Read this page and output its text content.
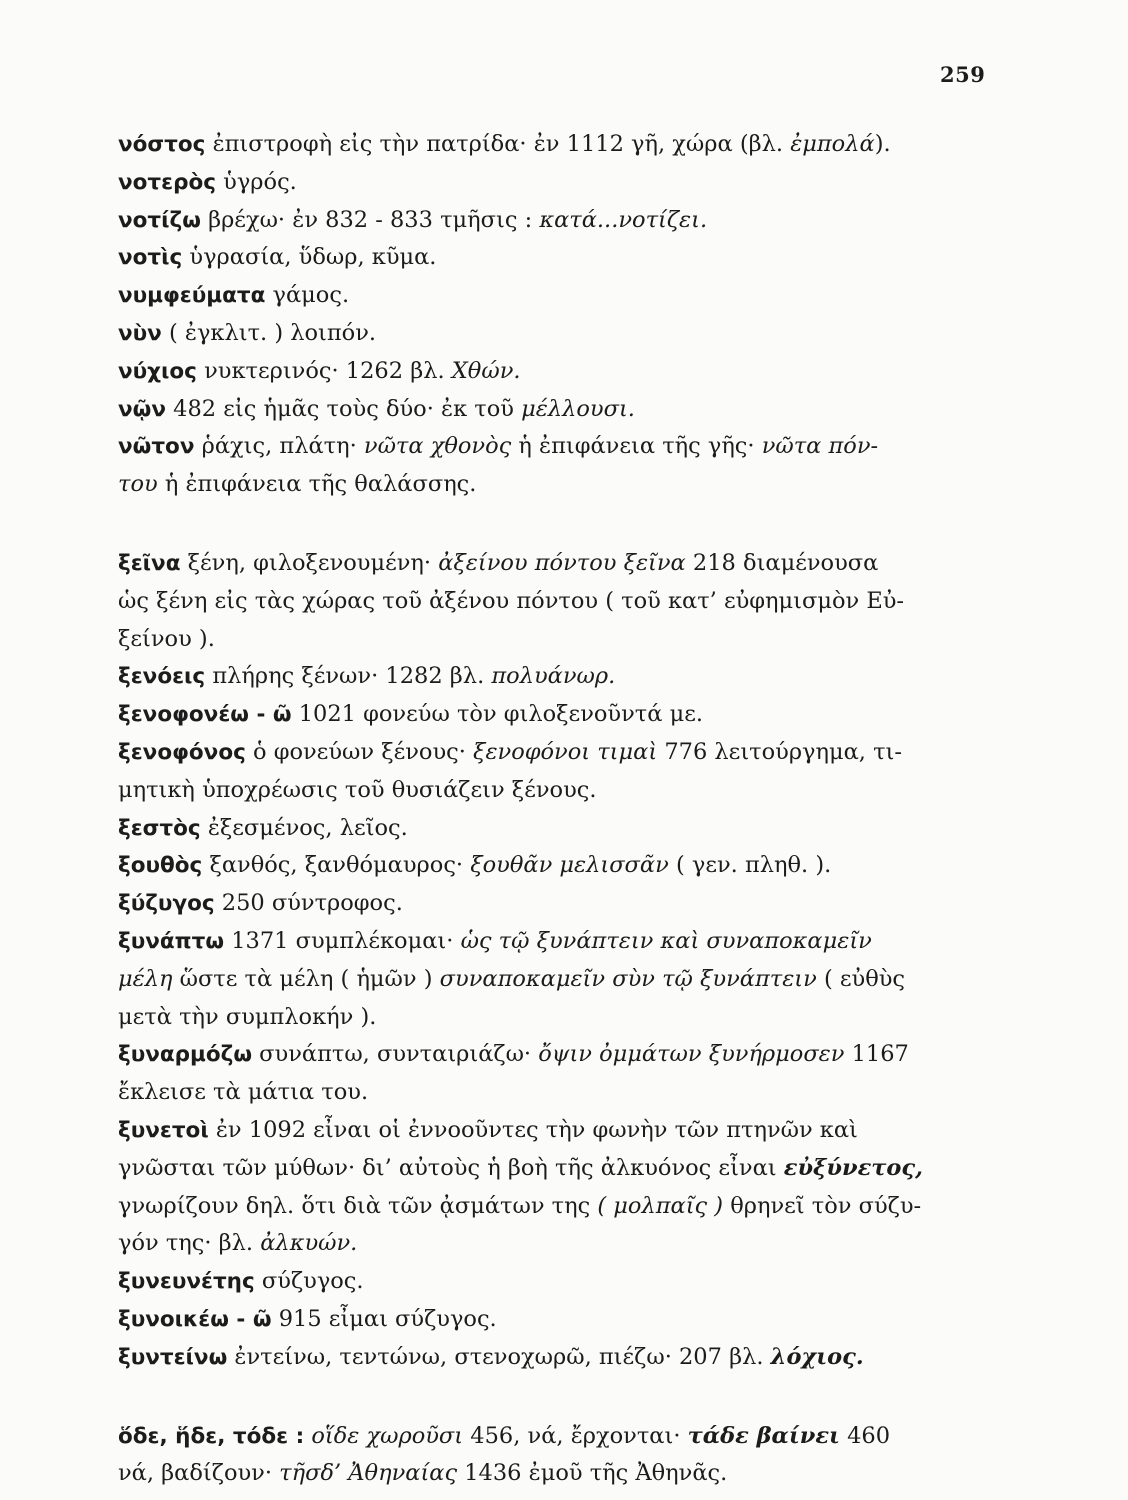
259

νόστος ἐπιστροφὴ εἰς τὴν πατρίδα· ἐν 1112 γῆ, χώρα (βλ. ἐμπολά).

νοτερὸς ὑγρός.

νοτίζω βρέχω· ἐν 832 - 833 τμῆσις : κατά...νοτίζει.

νοτὶς ὑγρασία, ὕδωρ, κῦμα.

νυμφεύματα γάμος.

νὺν ( ἐγκλιτ. ) λοιπόν.

νύχιος νυκτερινός· 1262 βλ. Χθών.

νῷν 482 εἰς ἡμᾶς τοὺς δύο· ἐκ τοῦ μέλλουσι.

νῶτον ῥάχις, πλάτη· νῶτα χθονὸς ἡ ἐπιφάνεια τῆς γῆς· νῶτα πόν-
του ἡ ἐπιφάνεια τῆς θαλάσσης.

ξεῖνα ξένη, φιλοξενουμένη· ἀξείνου πόντου ξεῖνα 218 διαμένουσα
ὡς ξένη εἰς τὰς χώρας τοῦ ἀξένου πόντου ( τοῦ κατ’ εὐφημισμὸν Εὐ-
ξείνου ).

ξενόεις πλήρης ξένων· 1282 βλ. πολυάνωρ.

ξενοφονέω - ῶ 1021 φονεύω τὸν φιλοξενοῦντά με.

ξενοφόνος ὁ φονεύων ξένους· ξενοφόνοι τιμαὶ 776 λειτούργημα, τι-
μητικὴ ὑποχρέωσις τοῦ θυσιάζειν ξένους.

ξεστὸς ἐξεσμένος, λεῖος.

ξουθὸς ξανθός, ξανθόμαυρος· ξουθᾶν μελισσᾶν ( γεν. πληθ. ).

ξύζυγος 250 σύντροφος.

ξυνάπτω 1371 συμπλέκομαι· ὡς τῷ ξυνάπτειν καὶ συναποκαμεῖν
μέλη ὥστε τὰ μέλη ( ἡμῶν ) συναποκαμεῖν σὺν τῷ ξυνάπτειν ( εὐθὺς
μετὰ τὴν συμπλοκήν ).

ξυναρμόζω συνάπτω, συνταιριάζω· ὄψιν ὀμμάτων ξυνήρμοσεν 1167
ἔκλεισε τὰ μάτια του.

ξυνετοὶ ἐν 1092 εἶναι οἱ ἐννοοῦντες τὴν φωνὴν τῶν πτηνῶν καὶ
γνῶσται τῶν μύθων· δι’ αὐτοὺς ἡ βοὴ τῆς ἀλκυόνος εἶναι εὐξύνετος,
γνωρίζουν δηλ. ὅτι διὰ τῶν ᾀσμάτων της ( μολπαῖς ) θρηνεῖ τὸν σύζυ-
γόν της· βλ. ἀλκυών.

ξυνευνέτης σύζυγος.

ξυνοικέω - ῶ 915 εἶμαι σύζυγος.

ξυντείνω ἐντείνω, τεντώνω, στενοχωρῶ, πιέζω· 207 βλ. λόχιος.

ὅδε, ἥδε, τόδε : οἵδε χωροῦσι 456, νά, ἔρχονται· τάδε βαίνει 460
νά, βαδίζουν· τῆσδ’ Ἀθηναίας 1436 ἐμοῦ τῆς Ἀθηνᾶς.
